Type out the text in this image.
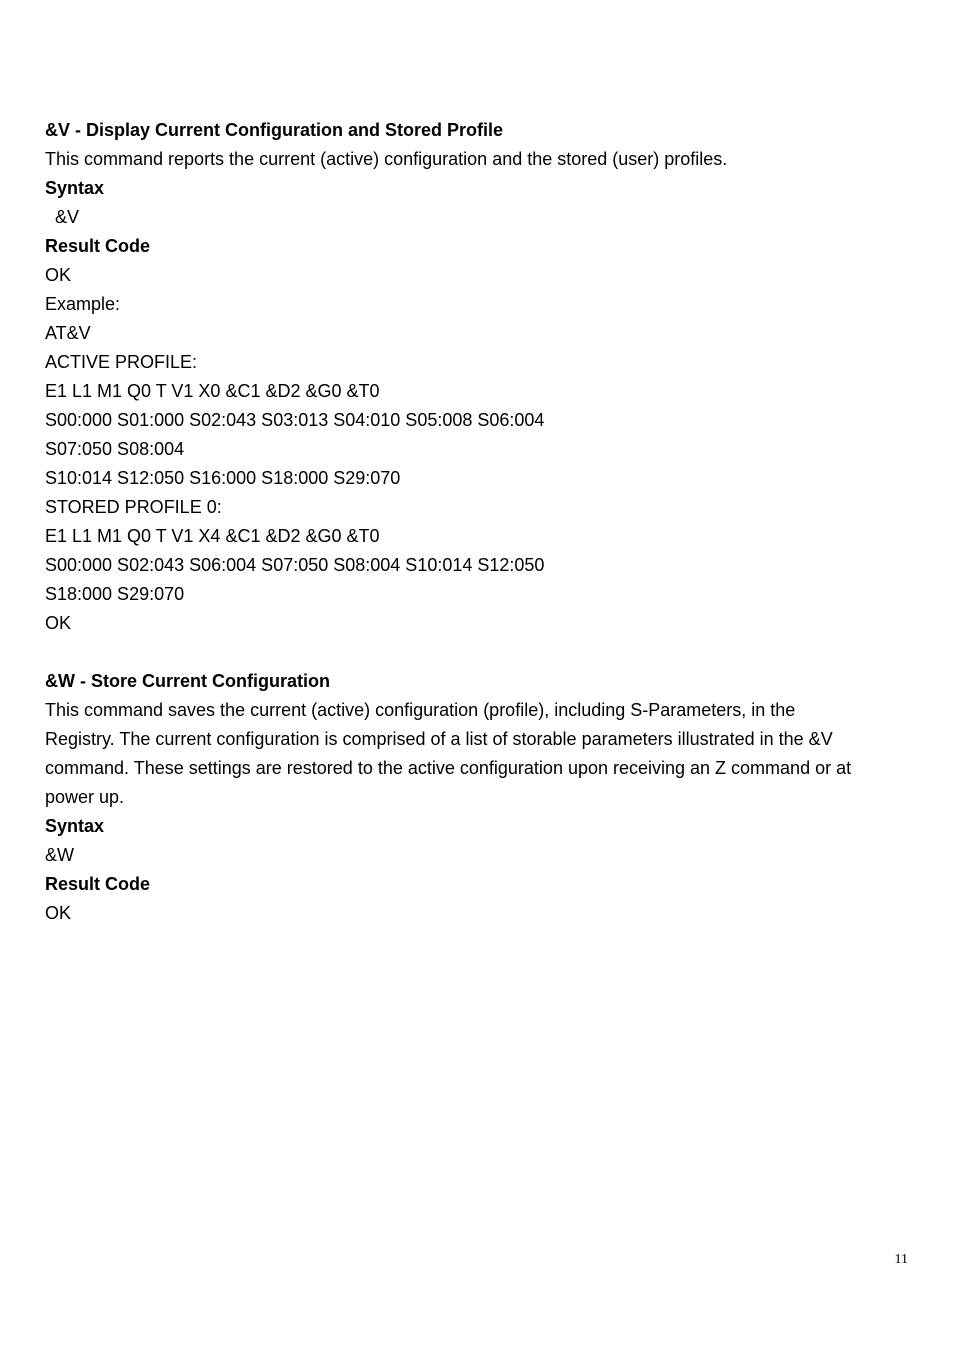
&V - Display Current Configuration and Stored Profile
This command reports the current (active) configuration and the stored (user) profiles.
Syntax
&V
Result Code
OK
Example:
AT&V
ACTIVE PROFILE:
E1 L1 M1 Q0 T V1 X0 &C1 &D2 &G0 &T0
S00:000 S01:000 S02:043 S03:013 S04:010 S05:008 S06:004
S07:050 S08:004
S10:014 S12:050 S16:000 S18:000 S29:070
STORED PROFILE 0:
E1 L1 M1 Q0 T V1 X4 &C1 &D2 &G0 &T0
S00:000 S02:043 S06:004 S07:050 S08:004 S10:014 S12:050
S18:000 S29:070
OK
&W - Store Current Configuration
This command saves the current (active) configuration (profile), including S-Parameters, in the
Registry. The current configuration is comprised of a list of storable parameters illustrated in the &V
command. These settings are restored to the active configuration upon receiving an Z command or at
power up.
Syntax
&W
Result Code
OK
11
